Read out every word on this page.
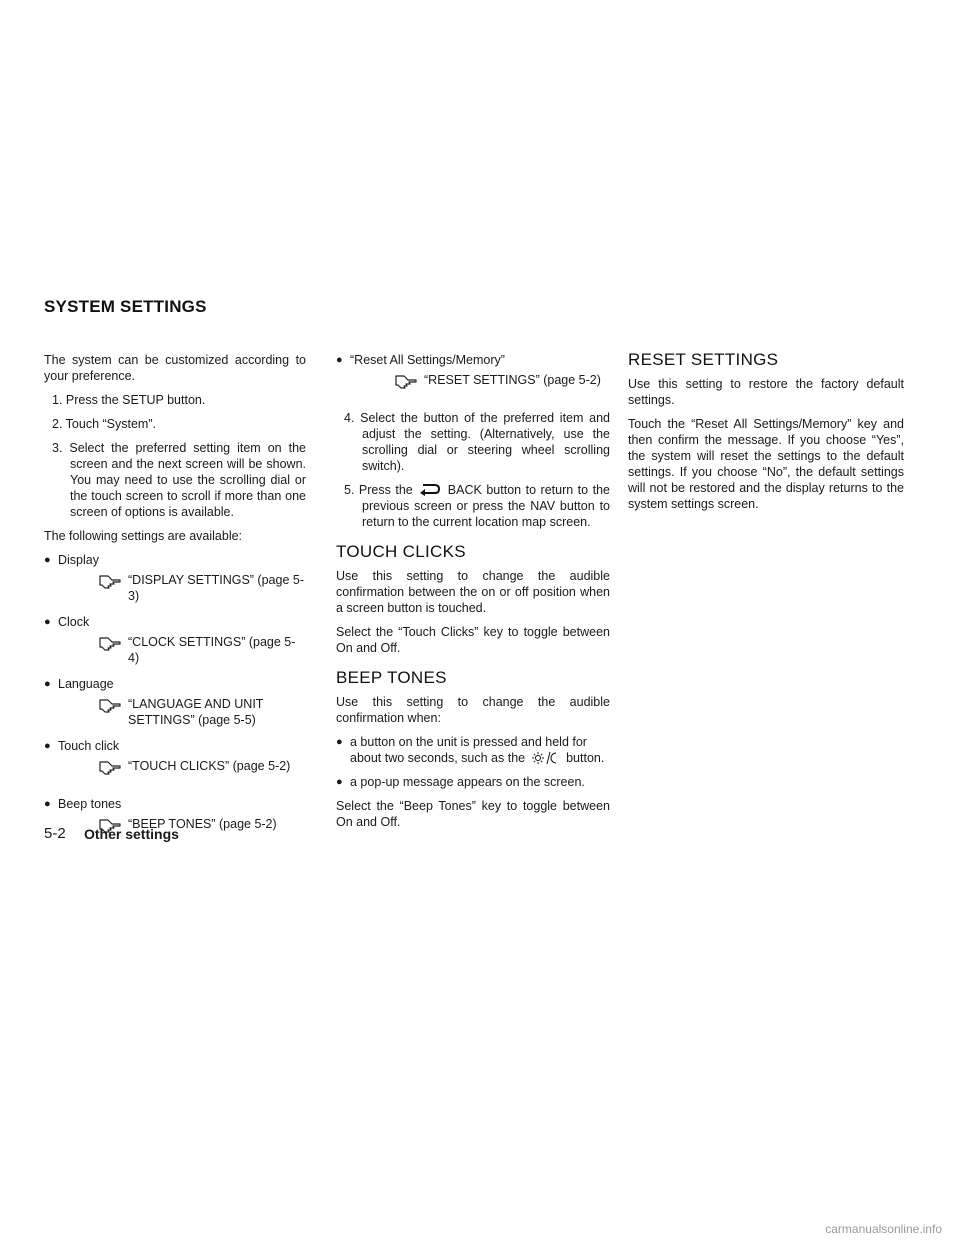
SYSTEM SETTINGS

The system can be customized according to your preference.

1. Press the SETUP button.
2. Touch “System”.
3. Select the preferred setting item on the screen and the next screen will be shown. You may need to use the scrolling dial or the touch screen to scroll if more than one screen of options is available.

The following settings are available:

● Display
“DISPLAY SETTINGS” (page 5-3)
● Clock
“CLOCK SETTINGS” (page 5-4)
● Language
“LANGUAGE AND UNIT SETTINGS” (page 5-5)
● Touch click
“TOUCH CLICKS” (page 5-2)
● Beep tones
“BEEP TONES” (page 5-2)
● “Reset All Settings/Memory”
“RESET SETTINGS” (page 5-2)
4. Select the button of the preferred item and adjust the setting. (Alternatively, use the scrolling dial or steering wheel scrolling switch).
5. Press the	BACK button to return to the previous screen or press the NAV button to return to the current location map screen.
TOUCH CLICKS

Use this setting to change the audible confirmation between the on or off position when a screen button is touched.

Select the “Touch Clicks” key to toggle between On and Off.

BEEP TONES

Use this setting to change the audible confirmation when:

● a button on the unit is pressed and held for about two seconds, such as the	button.
● a pop-up message appears on the screen.

Select the “Beep Tones” key to toggle between On and Off.

RESET SETTINGS

Use this setting to restore the factory default settings.

Touch the “Reset All Settings/Memory” key and then confirm the message. If you choose “Yes”, the system will reset the settings to the default settings. If you choose “No”, the default settings will not be restored and the display returns to the system settings screen.

5-2 Other settings
carmanualsonline.info
